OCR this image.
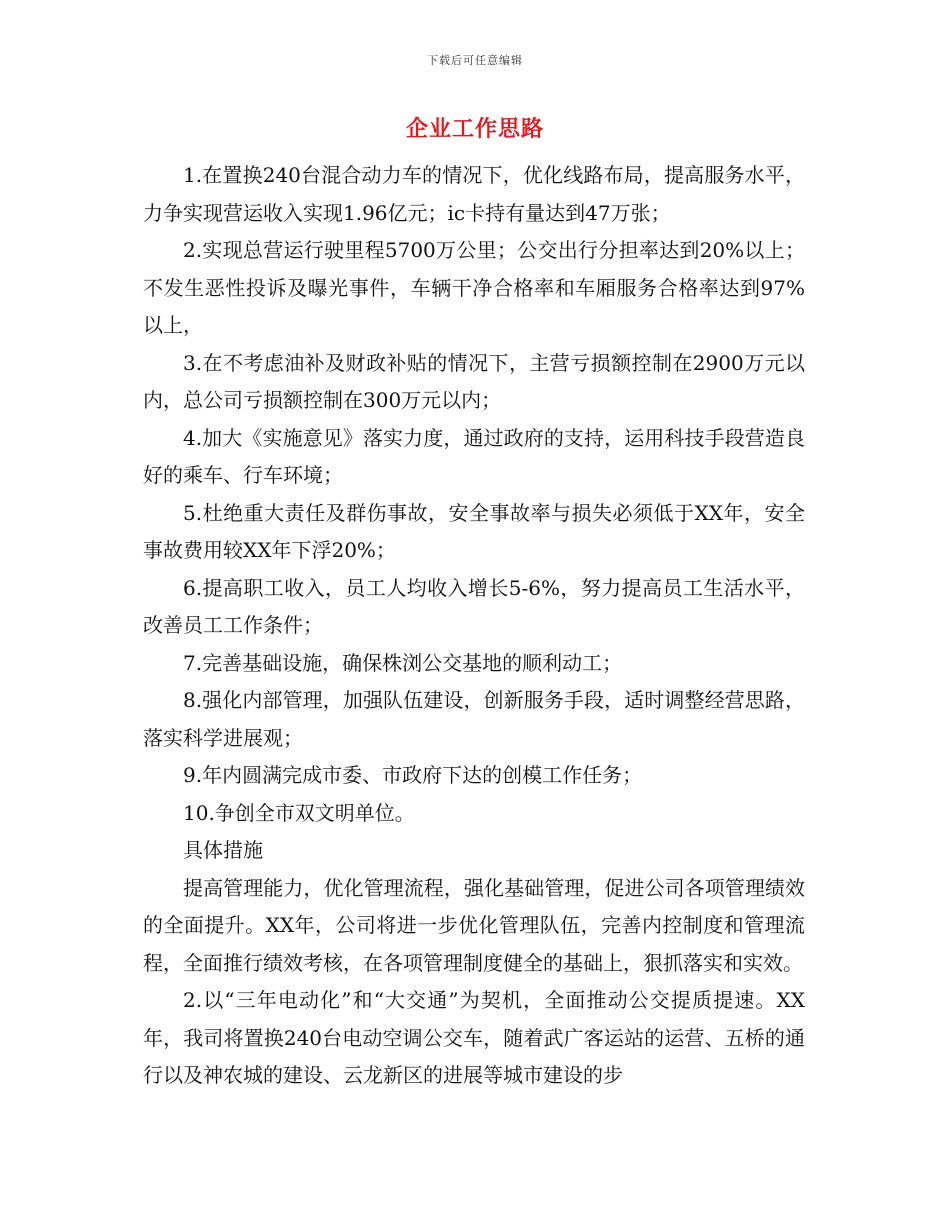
下载后可任意编辑
企业工作思路

1.在置换240台混合动力车的情况下，优化线路布局，提高服务水平，力争实现营运收入实现1.96亿元；ic卡持有量达到47万张；

2.实现总营运行驶里程5700万公里；公交出行分担率达到20%以上；不发生恶性投诉及曝光事件，车辆干净合格率和车厢服务合格率达到97%以上，

3.在不考虑油补及财政补贴的情况下，主营亏损额控制在2900万元以内，总公司亏损额控制在300万元以内；

4.加大《实施意见》落实力度，通过政府的支持，运用科技手段营造良好的乘车、行车环境；

5.杜绝重大责任及群伤事故，安全事故率与损失必须低于XX年，安全事故费用较XX年下浮20%；

6.提高职工收入，员工人均收入增长5-6%，努力提高员工生活水平，改善员工工作条件；

7.完善基础设施，确保株浏公交基地的顺利动工；

8.强化内部管理，加强队伍建设，创新服务手段，适时调整经营思路，落实科学进展观；

9.年内圆满完成市委、市政府下达的创模工作任务；

10.争创全市双文明单位。

具体措施

提高管理能力，优化管理流程，强化基础管理，促进公司各项管理绩效的全面提升。XX年，公司将进一步优化管理队伍，完善内控制度和管理流程，全面推行绩效考核，在各项管理制度健全的基础上，狠抓落实和实效。

2.以“三年电动化”和“大交通”为契机，全面推动公交提质提速。XX年，我司将置换240台电动空调公交车，随着武广客运站的运营、五桥的通行以及神农城的建设、云龙新区的进展等城市建设的步
